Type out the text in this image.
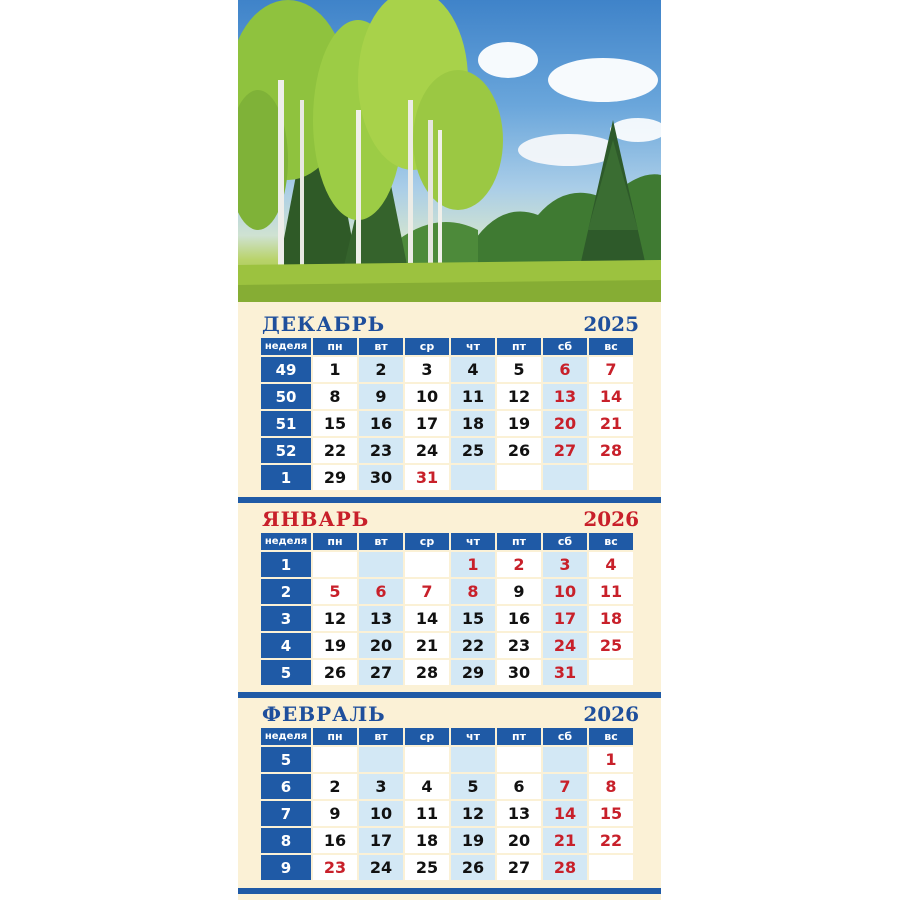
ДЕКАБРЬ	2025
неделя	пн	вт	ср	чт	пт	сб	вс
49	1	2	3	4	5	6	7
50	8	9	10	11	12	13	14
51	15	16	17	18	19	20	21
52	22	23	24	25	26	27	28
1	29	30	31				
ЯНВАРЬ	2026
неделя	пн	вт	ср	чт	пт	сб	вс
1				1	2	3	4
2	5	6	7	8	9	10	11
3	12	13	14	15	16	17	18
4	19	20	21	22	23	24	25
5	26	27	28	29	30	31	
ФЕВРАЛЬ	2026
неделя	пн	вт	ср	чт	пт	сб	вс
5							1
6	2	3	4	5	6	7	8
7	9	10	11	12	13	14	15
8	16	17	18	19	20	21	22
9	23	24	25	26	27	28	
